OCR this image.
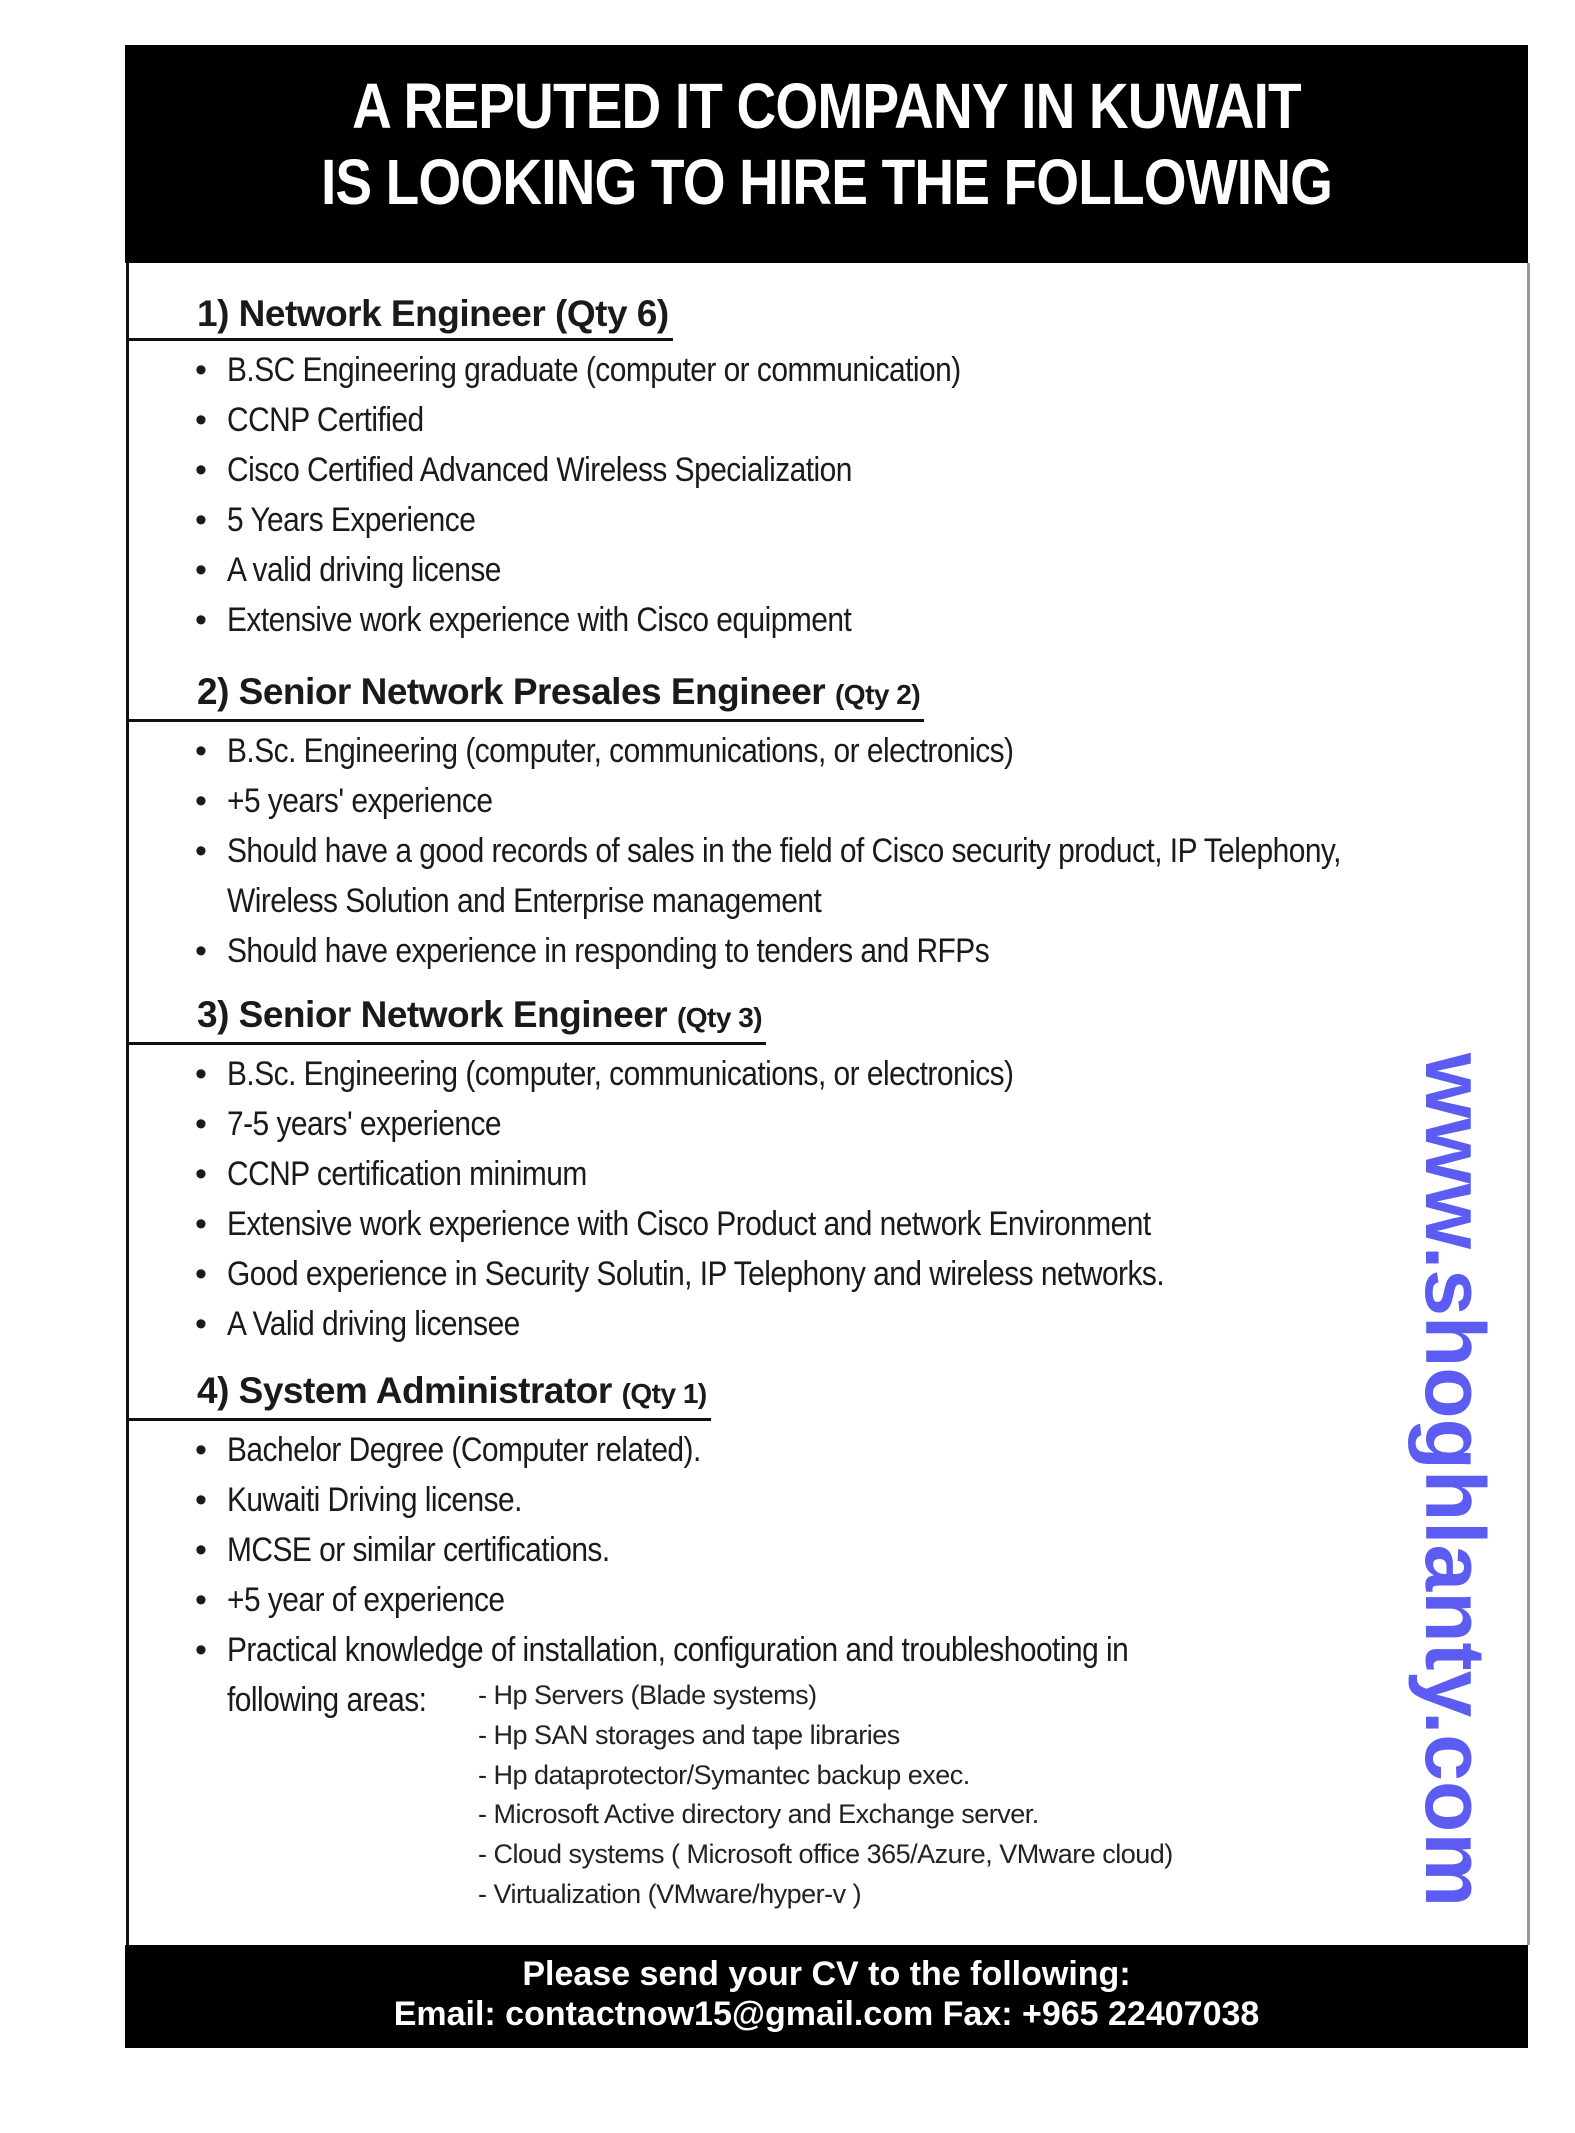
A REPUTED IT COMPANY IN KUWAIT
IS LOOKING TO HIRE THE FOLLOWING
1) Network Engineer (Qty 6)
• B.SC Engineering graduate (computer or communication)
• CCNP Certified
• Cisco Certified Advanced Wireless Specialization
• 5 Years Experience
• A valid driving license
• Extensive work experience with Cisco equipment
2) Senior Network Presales Engineer (Qty 2)
• B.Sc. Engineering (computer, communications, or electronics)
• +5 years' experience
• Should have a good records of sales in the field of Cisco security product, IP Telephony, Wireless Solution and Enterprise management
• Should have experience in responding to tenders and RFPs
3) Senior Network Engineer (Qty 3)
• B.Sc. Engineering (computer, communications, or electronics)
• 7-5 years' experience
• CCNP certification minimum
• Extensive work experience with Cisco Product and network Environment
• Good experience in Security Solutin, IP Telephony and wireless networks.
• A Valid driving licensee
4) System Administrator (Qty 1)
• Bachelor Degree (Computer related).
• Kuwaiti Driving license.
• MCSE or similar certifications.
• +5 year of experience
• Practical knowledge of installation, configuration and troubleshooting in
following areas:	- Hp Servers (Blade systems)
- Hp SAN storages and tape libraries
- Hp dataprotector/Symantec backup exec.
- Microsoft Active directory and Exchange server.
- Cloud systems ( Microsoft office 365/Azure, VMware cloud)
- Virtualization (VMware/hyper-v )
Please send your CV to the following:
Email: contactnow15@gmail.com Fax: +965 22407038
www.shoghlanty.com
